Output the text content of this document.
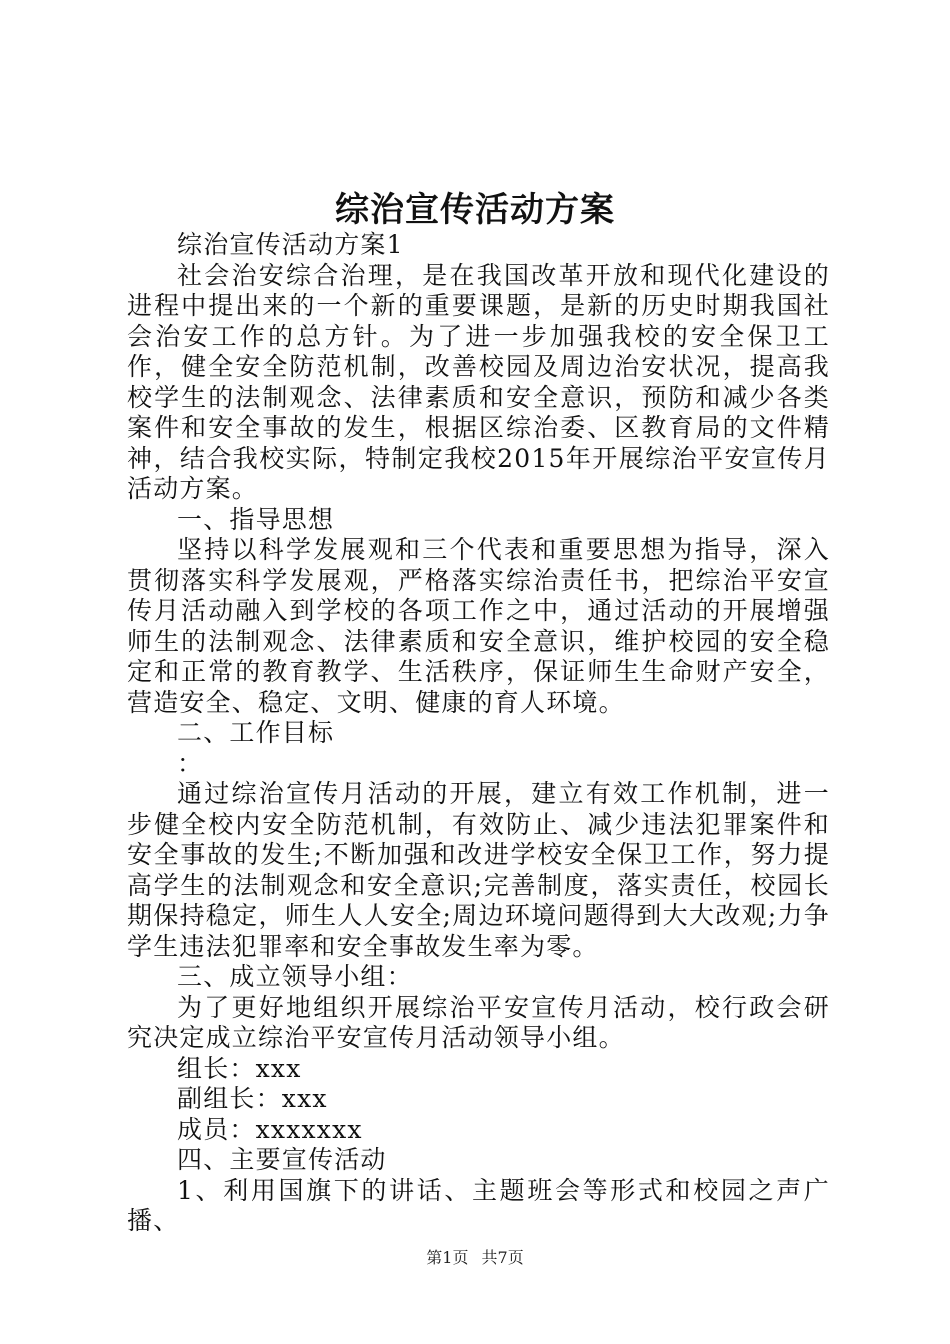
综治宣传活动方案

综治宣传活动方案1

社会治安综合治理，是在我国改革开放和现代化建设的进程中提出来的一个新的重要课题，是新的历史时期我国社会治安工作的总方针。为了进一步加强我校的安全保卫工作，健全安全防范机制，改善校园及周边治安状况，提高我校学生的法制观念、法律素质和安全意识，预防和减少各类案件和安全事故的发生，根据区综治委、区教育局的文件精神，结合我校实际，特制定我校2015年开展综治平安宣传月活动方案。

一、指导思想

坚持以科学发展观和三个代表和重要思想为指导，深入贯彻落实科学发展观，严格落实综治责任书，把综治平安宣传月活动融入到学校的各项工作之中，通过活动的开展增强师生的法制观念、法律素质和安全意识，维护校园的安全稳定和正常的教育教学、生活秩序，保证师生生命财产安全，营造安全、稳定、文明、健康的育人环境。

二、工作目标

：

通过综治宣传月活动的开展，建立有效工作机制，进一步健全校内安全防范机制，有效防止、减少违法犯罪案件和安全事故的发生;不断加强和改进学校安全保卫工作，努力提高学生的法制观念和安全意识;完善制度，落实责任，校园长期保持稳定，师生人人安全;周边环境问题得到大大改观;力争学生违法犯罪率和安全事故发生率为零。

三、成立领导小组：

为了更好地组织开展综治平安宣传月活动，校行政会研究决定成立综治平安宣传月活动领导小组。

组长：xxx

副组长：xxx

成员：xxxxxxx

四、主要宣传活动

1、利用国旗下的讲话、主题班会等形式和校园之声广播、

第1页 共7页
